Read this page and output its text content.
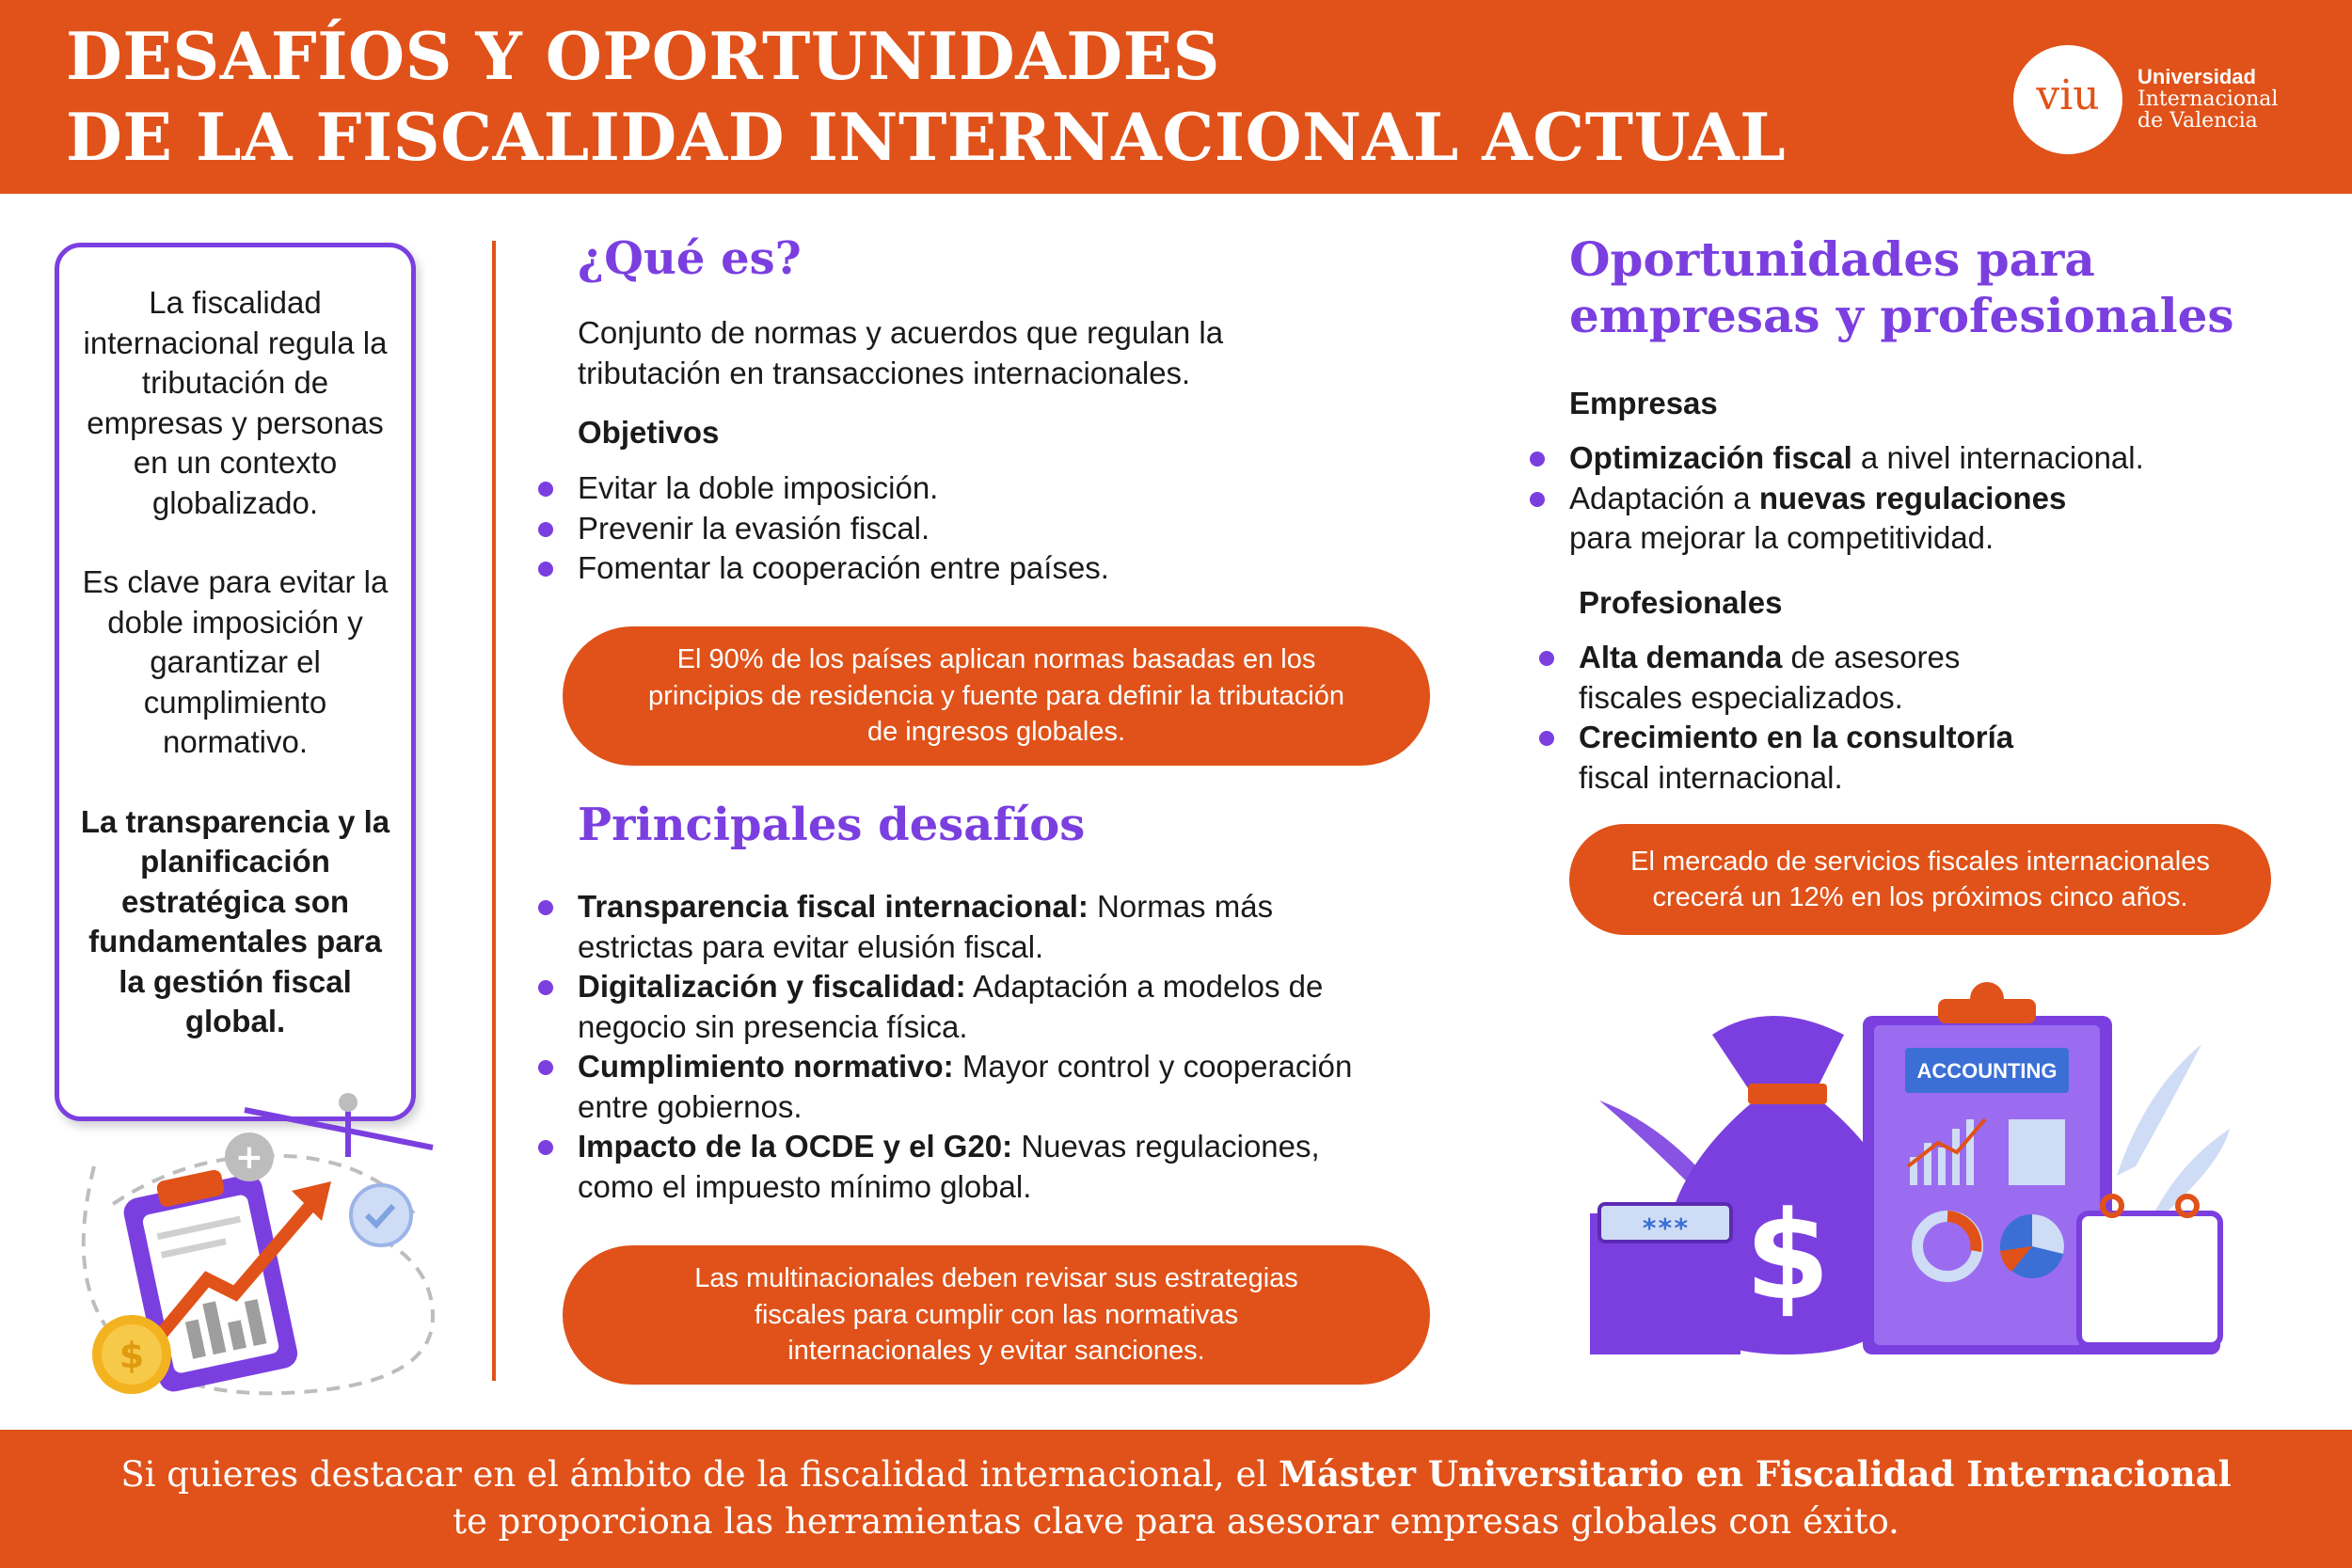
DESAFÍOS Y OPORTUNIDADES
DE LA FISCALIDAD INTERNACIONAL ACTUAL
viu	Universidad
Internacional
de Valencia

La fiscalidad internacional regula la tributación de empresas y personas en un contexto globalizado.

Es clave para evitar la doble imposición y garantizar el cumplimiento normativo.

La transparencia y la planificación estratégica son fundamentales para la gestión fiscal global.

+
$
¿Qué es?

Conjunto de normas y acuerdos que regulan la tributación en transacciones internacionales.

Objetivos

Evitar la doble imposición.
Prevenir la evasión fiscal.
Fomentar la cooperación entre países.
El 90% de los países aplican normas basadas en los principios de residencia y fuente para definir la tributación de ingresos globales.
Principales desafíos
Transparencia fiscal internacional: Normas más estrictas para evitar elusión fiscal.
Digitalización y fiscalidad: Adaptación a modelos de negocio sin presencia física.
Cumplimiento normativo: Mayor control y cooperación entre gobiernos.
Impacto de la OCDE y el G20: Nuevas regulaciones, como el impuesto mínimo global.
Las multinacionales deben revisar sus estrategias fiscales para cumplir con las normativas internacionales y evitar sanciones.
Oportunidades para empresas y profesionales

Empresas

Optimización fiscal a nivel internacional.
Adaptación a nuevas regulaciones
para mejorar la competitividad.

Profesionales

Alta demanda de asesores fiscales especializados.
Crecimiento en la consultoría fiscal internacional.
El mercado de servicios fiscales internacionales crecerá un 12% en los próximos cinco años.
$
***
ACCOUNTING
Si quieres destacar en el ámbito de la fiscalidad internacional, el Máster Universitario en Fiscalidad Internacional
te proporciona las herramientas clave para asesorar empresas globales con éxito.
